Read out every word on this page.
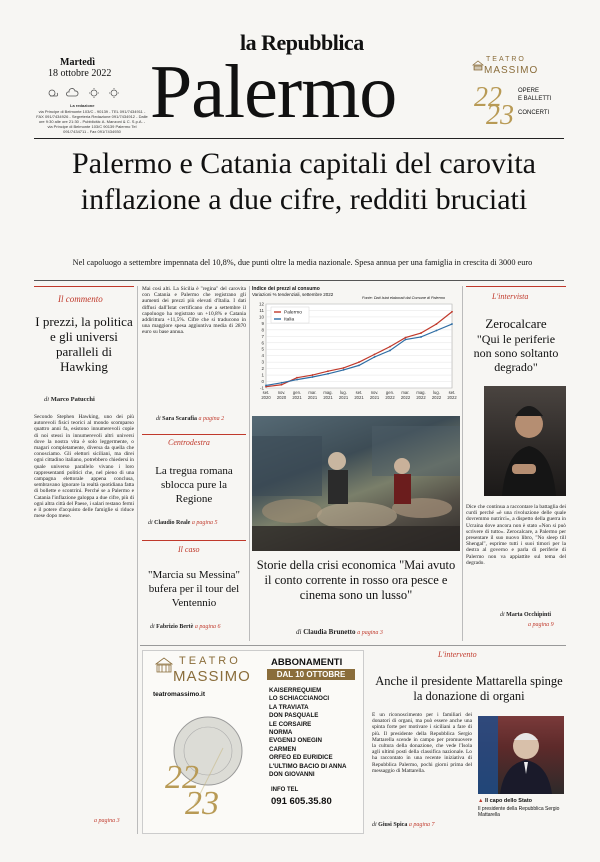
la Repubblica
Palermo
Martedì
18 ottobre 2022
La redazione
via Principe di Belmonte 103/C - 90139 - TEL 091/7434911 - FAX 091/7434926 - Segreteria Redazione 091/7434912 - Dalle ore 9:30 alle ore 21:30 - Pubblicità: A. Manzoni & C. S.p.A. - via Principe di Belmonte 103/C 90139 Palermo Tel 091/7434711 - Fax 091/7434930
TEATRO
MASSIMO
22
23
OPERE
E BALLETTI
CONCERTI
Palermo e Catania capitali del carovita
inflazione a due cifre, redditi bruciati
Nel capoluogo a settembre impennata del 10,8%, due punti oltre la media nazionale. Spesa annua per una famiglia in crescita di 3000 euro
Il commento
I prezzi, la politica e gli universi paralleli di Hawking
di Marco Patucchi
Secondo Stephen Hawking, uno dei più autorevoli fisici teorici al mondo scomparso quattro anni fa, esistono innumerevoli copie di noi stessi in innumerevoli altri universi dove la nostra vita è solo leggermente, o magari completamente, diversa da quella che conosciamo. Gli elettori siciliani, ma direi ogni cittadino italiano, potrebbero chiedersi in quale universo parallelo vivano i loro rappresentanti politici che, nel pieno di una campagna elettorale appena conclusa, sembravano ignorare la realtà quotidiana fatta di bollette e scontrini. Perché se a Palermo e Catania l'inflazione galoppa a due cifre, più di ogni altra città del Paese, i salari restano fermi e il potere d'acquisto delle famiglie si riduce mese dopo mese.
a pagina 3
Mai così alti. La Sicilia è "regina" del carovita con Catania e Palermo che registrano gli aumenti dei prezzi più elevati d'Italia. I dati diffusi dall'Istat certificano che a settembre il capoluogo ha registrato un +10,8% e Catania addirittura +11,5%. Cifre che si traducono in una maggiore spesa aggiuntiva media di 2870 euro su base annua.
di Sara Scarafia a pagina 2
Centrodestra
La tregua romana sblocca pure la Regione
di Claudio Reale a pagina 5
Il caso
"Marcia su Messina" bufera per il tour del Ventennio
di Fabrizio Bertè a pagina 6
Indice dei prezzi al consumo
Variazioni % tendenziali, settembre 2022
Fonte: Dati Istat elaborati dal Comune di Palermo
-1
0
1
2
3
4
5
6
7
8
9
10
11
12
set.
2020
nov.
2020
gen.
2021
mar.
2021
mag.
2021
lug.
2021
set.
2021
nov.
2021
gen.
2022
mar.
2022
mag.
2022
lug.
2022
set.
2022
Palermo
Italia
Storie della crisi economica "Mai avuto il conto corrente in rosso ora pesce e cinema sono un lusso"
di Claudia Brunetto a pagina 3
L'intervista
Zerocalcare
"Qui le periferie non sono soltanto degrado"
Dice che continua a raccontare la battaglia dei curdi perché «è una rivoluzione delle quale dovremmo nutrirci», a dispetto della guerra in Ucraina dove ancora non è stato «Non si può scrivere di tutto». Zerocalcare, a Palermo per presentare il suo nuovo libro, "No sleep till Shengal", esprime tutti i suoi timori per la destra al governo e parla di periferie di Palermo non va appiattite sul tema del degrado.
di Marta Occhipinti
a pagina 9
TEATRO
MASSIMO
teatromassimo.it
22
23
ABBONAMENTI
DAL 10 OTTOBRE
KAISERREQUIEM
LO SCHIACCIANOCI
LA TRAVIATA
DON PASQUALE
LE CORSAIRE
NORMA
EVGENIJ ONEGIN
CARMEN
ORFEO ED EURIDICE
L'ULTIMO BACIO DI ANNA
DON GIOVANNI
INFO TEL
091 605.35.80
L'intervento
Anche il presidente Mattarella spinge la donazione di organi
È un riconoscimento per i familiari dei donatori di organi, ma può essere anche una spinta forte per motivare i siciliani a fare di più. Il presidente della Repubblica Sergio Mattarella scende in campo per promuovere la cultura della donazione, che vede l'Isola agli ultimi posti della classifica nazionale. Lo ha raccontato in una recente iniziativa di Repubblica Palermo, pochi giorni prima del messaggio di Mattarella.
di Giusi Spica a pagina 7
▲ Il capo dello Stato
Il presidente della Repubblica Sergio Mattarella
